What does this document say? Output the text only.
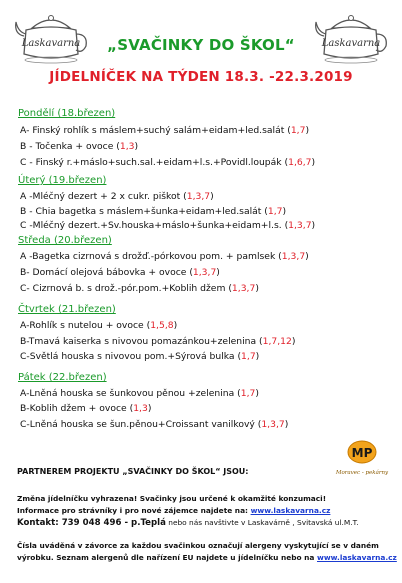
Laskavarna	Laskavarna
„SVAČINKY DO ŠKOL“
JÍDELNÍČEK NA TÝDEN 18.3. -22.3.2019
Pondělí (18.březen)
A- Finský rohlík s máslem+suchý salám+eidam+led.salát (1,7)
B - Točenka + ovoce (1,3)
C - Finský r.+máslo+such.sal.+eidam+l.s.+Povidl.loupák (1,6,7)
Úterý (19.březen)
A -Mléčný dezert + 2 x cukr. piškot (1,3,7)
B - Chia bagetka s máslem+šunka+eidam+led.salát (1,7)
C -Mléčný dezert.+Sv.houska+máslo+šunka+eidam+l.s. (1,3,7)
Středa (20.březen)
A -Bagetka cizrnová s drožď.-pórkovou pom. + pamlsek (1,3,7)
B- Domácí olejová bábovka + ovoce (1,3,7)
C- Cizrnová b. s drož.-pór.pom.+Koblih džem (1,3,7)
Čtvrtek (21.březen)
A-Rohlík s nutelou + ovoce (1,5,8)
B-Tmavá kaiserka s nivovou pomazánkou+zelenina (1,7,12)
C-Světlá houska s nivovou pom.+Sýrová bulka (1,7)
Pátek (22.březen)
A-Lněná houska se šunkovou pěnou +zelenina (1,7)
B-Koblih džem + ovoce (1,3)
C-Lněná houska se šun.pěnou+Croissant vanilkový (1,3,7)
PARTNEREM PROJEKTU „SVAČINKY DO ŠKOL“ JSOU:
MP
Moravec - pekárny
Změna jídelníčku vyhrazena! Svačinky jsou určené k okamžité konzumaci!
Informace pro strávníky i pro nové zájemce najdete na: www.laskavarna.cz
Kontakt: 739 048 496 - p.Teplá nebo nás navštivte v Laskavárně , Svitavská ul.M.T.
Čísla uváděná v závorce za každou svačinkou označují alergeny vyskytující se v daném
výrobku. Seznam alergenů dle nařízení EU najdete u jídelníčku nebo na www.laskavarna.cz
